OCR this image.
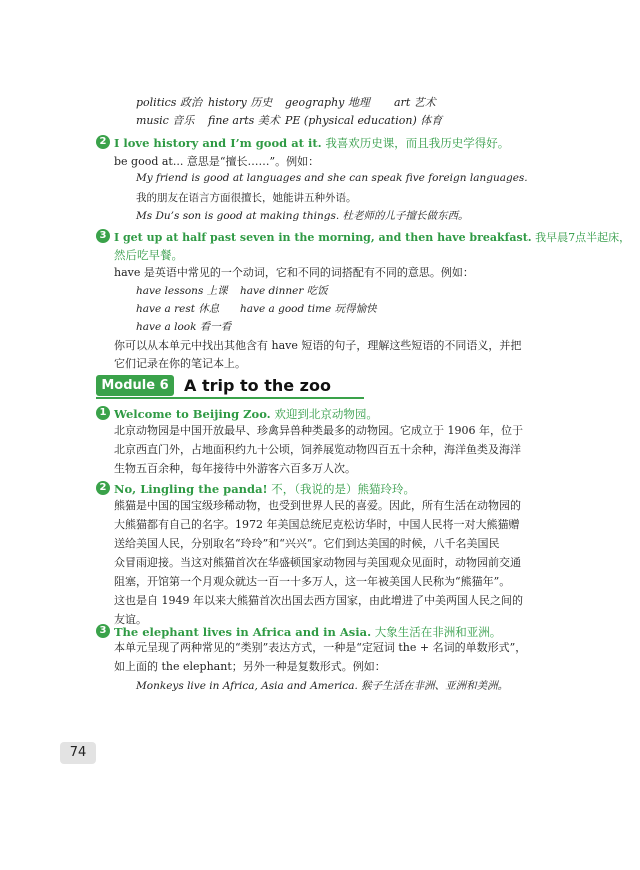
politics 政治 history 历史 geography 地理 art 艺术
music 音乐 fine arts 美术 PE (physical education) 体育
2 I love history and I’m good at it. 我喜欢历史课，而且我历史学得好。
be good at... 意思是“擅长……”。例如：
My friend is good at languages and she can speak five foreign languages.
我的朋友在语言方面很擅长，她能讲五种外语。
Ms Du’s son is good at making things. 杜老师的儿子擅长做东西。
3 I get up at half past seven in the morning, and then have breakfast. 我早晨7点半起床，
然后吃早餐。
have 是英语中常见的一个动词，它和不同的词搭配有不同的意思。例如：
have lessons 上课 have dinner 吃饭
have a rest 休息 have a good time 玩得愉快
have a look 看一看
你可以从本单元中找出其他含有 have 短语的句子，理解这些短语的不同语义，并把
它们记录在你的笔记本上。
Module 6 A trip to the zoo
1 Welcome to Beijing Zoo. 欢迎到北京动物园。
北京动物园是中国开放最早、珍禽异兽种类最多的动物园。它成立于 1906 年，位于
北京西直门外，占地面积约九十公顷，饲养展览动物四百五十余种，海洋鱼类及海洋
生物五百余种，每年接待中外游客六百多万人次。
2 No, Lingling the panda! 不，（我说的是）熊猫玲玲。
熊猫是中国的国宝级珍稀动物，也受到世界人民的喜爱。因此，所有生活在动物园的
大熊猫都有自己的名字。1972 年美国总统尼克松访华时，中国人民将一对大熊猫赠
送给美国人民，分别取名“玲玲”和“兴兴”。它们到达美国的时候，八千名美国民
众冒雨迎接。当这对熊猫首次在华盛顿国家动物园与美国观众见面时，动物园前交通
阻塞，开馆第一个月观众就达一百一十多万人，这一年被美国人民称为“熊猫年”。
这也是自 1949 年以来大熊猫首次出国去西方国家，由此增进了中美两国人民之间的
友谊。
3 The elephant lives in Africa and in Asia. 大象生活在非洲和亚洲。
本单元呈现了两种常见的“类别”表达方式，一种是“定冠词 the + 名词的单数形式”，
如上面的 the elephant；另外一种是复数形式。例如：
Monkeys live in Africa, Asia and America. 猴子生活在非洲、亚洲和美洲。
74
